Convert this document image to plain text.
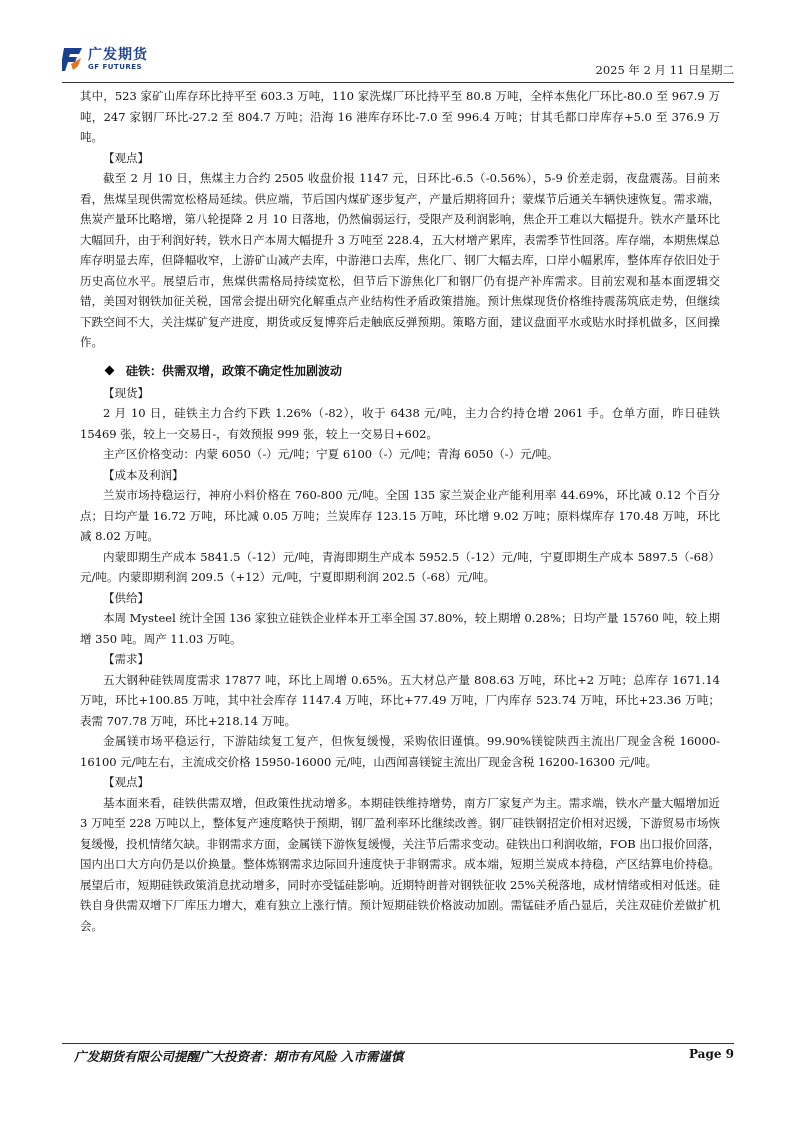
广发期货
GF FUTURES	2025 年 2 月 11 日星期二

其中，523 家矿山库存环比持平至 603.3 万吨，110 家洗煤厂环比持平至 80.8 万吨，全样本焦化厂环比-80.0 至 967.9 万吨，247 家钢厂环比-27.2 至 804.7 万吨；沿海 16 港库存环比-7.0 至 996.4 万吨；甘其毛都口岸库存+5.0 至 376.9 万吨。

【观点】

截至 2 月 10 日，焦煤主力合约 2505 收盘价报 1147 元，日环比-6.5（-0.56%），5-9 价差走弱，夜盘震荡。目前来看，焦煤呈现供需宽松格局延续。供应端，节后国内煤矿逐步复产，产量后期将回升；蒙煤节后通关车辆快速恢复。需求端，焦炭产量环比略增，第八轮提降 2 月 10 日落地，仍然偏弱运行，受限产及利润影响，焦企开工难以大幅提升。铁水产量环比大幅回升，由于利润好转，铁水日产本周大幅提升 3 万吨至 228.4，五大材增产累库，表需季节性回落。库存端，本期焦煤总库存明显去库，但降幅收窄，上游矿山减产去库，中游港口去库，焦化厂、钢厂大幅去库，口岸小幅累库，整体库存依旧处于历史高位水平。展望后市，焦煤供需格局持续宽松，但节后下游焦化厂和钢厂仍有提产补库需求。目前宏观和基本面逻辑交错，美国对钢铁加征关税，国常会提出研究化解重点产业结构性矛盾政策措施。预计焦煤现货价格维持震荡筑底走势，但继续下跌空间不大，关注煤矿复产进度，期货或反复博弈后走触底反弹预期。策略方面，建议盘面平水或贴水时择机做多，区间操作。

硅铁：供需双增，政策不确定性加剧波动

【现货】

2 月 10 日，硅铁主力合约下跌 1.26%（-82），收于 6438 元/吨，主力合约持仓增 2061 手。仓单方面，昨日硅铁 15469 张，较上一交易日-，有效预报 999 张，较上一交易日+602。

主产区价格变动：内蒙 6050（-）元/吨；宁夏 6100（-）元/吨；青海 6050（-）元/吨。

【成本及利润】

兰炭市场持稳运行，神府小料价格在 760-800 元/吨。全国 135 家兰炭企业产能利用率 44.69%，环比减 0.12 个百分点；日均产量 16.72 万吨，环比减 0.05 万吨；兰炭库存 123.15 万吨，环比增 9.02 万吨；原料煤库存 170.48 万吨，环比减 8.02 万吨。

内蒙即期生产成本 5841.5（-12）元/吨，青海即期生产成本 5952.5（-12）元/吨，宁夏即期生产成本 5897.5（-68）元/吨。内蒙即期利润 209.5（+12）元/吨，宁夏即期利润 202.5（-68）元/吨。

【供给】

本周 Mysteel 统计全国 136 家独立硅铁企业样本开工率全国 37.80%，较上期增 0.28%；日均产量 15760 吨，较上期增 350 吨。周产 11.03 万吨。

【需求】

五大钢种硅铁周度需求 17877 吨，环比上周增 0.65%。五大材总产量 808.63 万吨，环比+2 万吨；总库存 1671.14 万吨，环比+100.85 万吨，其中社会库存 1147.4 万吨，环比+77.49 万吨，厂内库存 523.74 万吨，环比+23.36 万吨；表需 707.78 万吨，环比+218.14 万吨。

金属镁市场平稳运行，下游陆续复工复产，但恢复缓慢，采购依旧谨慎。99.90%镁锭陕西主流出厂现金含税 16000-16100 元/吨左右，主流成交价格 15950-16000 元/吨，山西闻喜镁锭主流出厂现金含税 16200-16300 元/吨。

【观点】

基本面来看，硅铁供需双增，但政策性扰动增多。本期硅铁维持增势，南方厂家复产为主。需求端，铁水产量大幅增加近 3 万吨至 228 万吨以上，整体复产速度略快于预期，钢厂盈利率环比继续改善。钢厂硅铁钢招定价相对迟缓，下游贸易市场恢复缓慢，投机情绪欠缺。非钢需求方面，金属镁下游恢复缓慢，关注节后需求变动。硅铁出口利润收缩，FOB 出口报价回落，国内出口大方向仍是以价换量。整体炼钢需求边际回升速度快于非钢需求。成本端，短期兰炭成本持稳，产区结算电价持稳。展望后市，短期硅铁政策消息扰动增多，同时亦受锰硅影响。近期特朗普对钢铁征收 25%关税落地，成材情绪或相对低迷。硅铁自身供需双增下厂库压力增大，难有独立上涨行情。预计短期硅铁价格波动加剧。需锰硅矛盾凸显后，关注双硅价差做扩机会。

广发期货有限公司提醒广大投资者：期市有风险 入市需谨慎	Page 9
